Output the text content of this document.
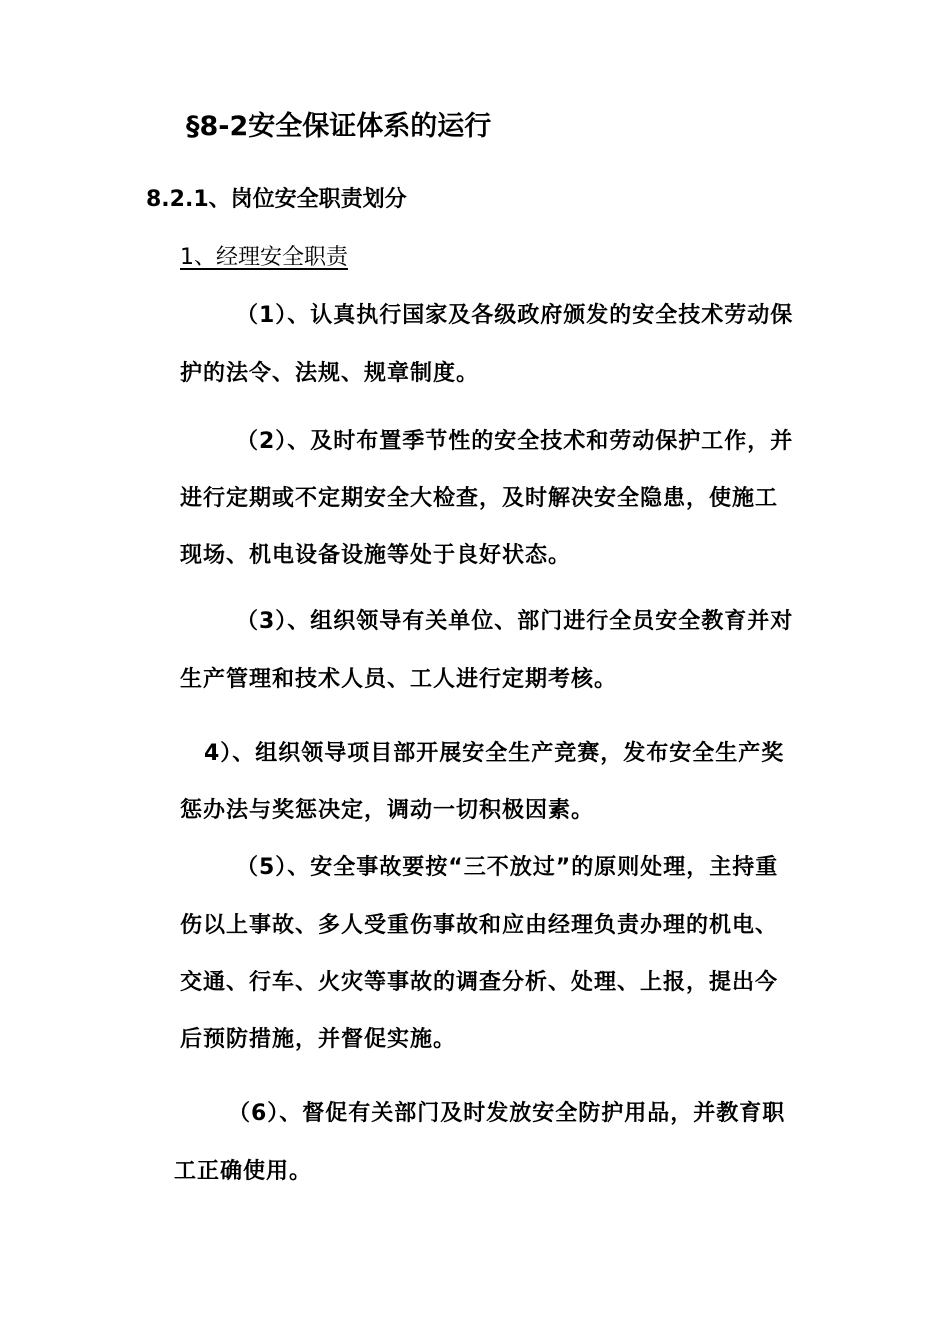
§8-2安全保证体系的运行
8.2.1、岗位安全职责划分
1、经理安全职责

（1）、认真执行国家及各级政府颁发的安全技术劳动保

护的法令、法规、规章制度。

（2）、及时布置季节性的安全技术和劳动保护工作，并

进行定期或不定期安全大检查，及时解决安全隐患，使施工

现场、机电设备设施等处于良好状态。

（3）、组织领导有关单位、部门进行全员安全教育并对

生产管理和技术人员、工人进行定期考核。

4）、组织领导项目部开展安全生产竞赛，发布安全生产奖

惩办法与奖惩决定，调动一切积极因素。

（5）、安全事故要按“三不放过”的原则处理，主持重

伤以上事故、多人受重伤事故和应由经理负责办理的机电、

交通、行车、火灾等事故的调查分析、处理、上报，提出今

后预防措施，并督促实施。

（6）、督促有关部门及时发放安全防护用品，并教育职

工正确使用。
